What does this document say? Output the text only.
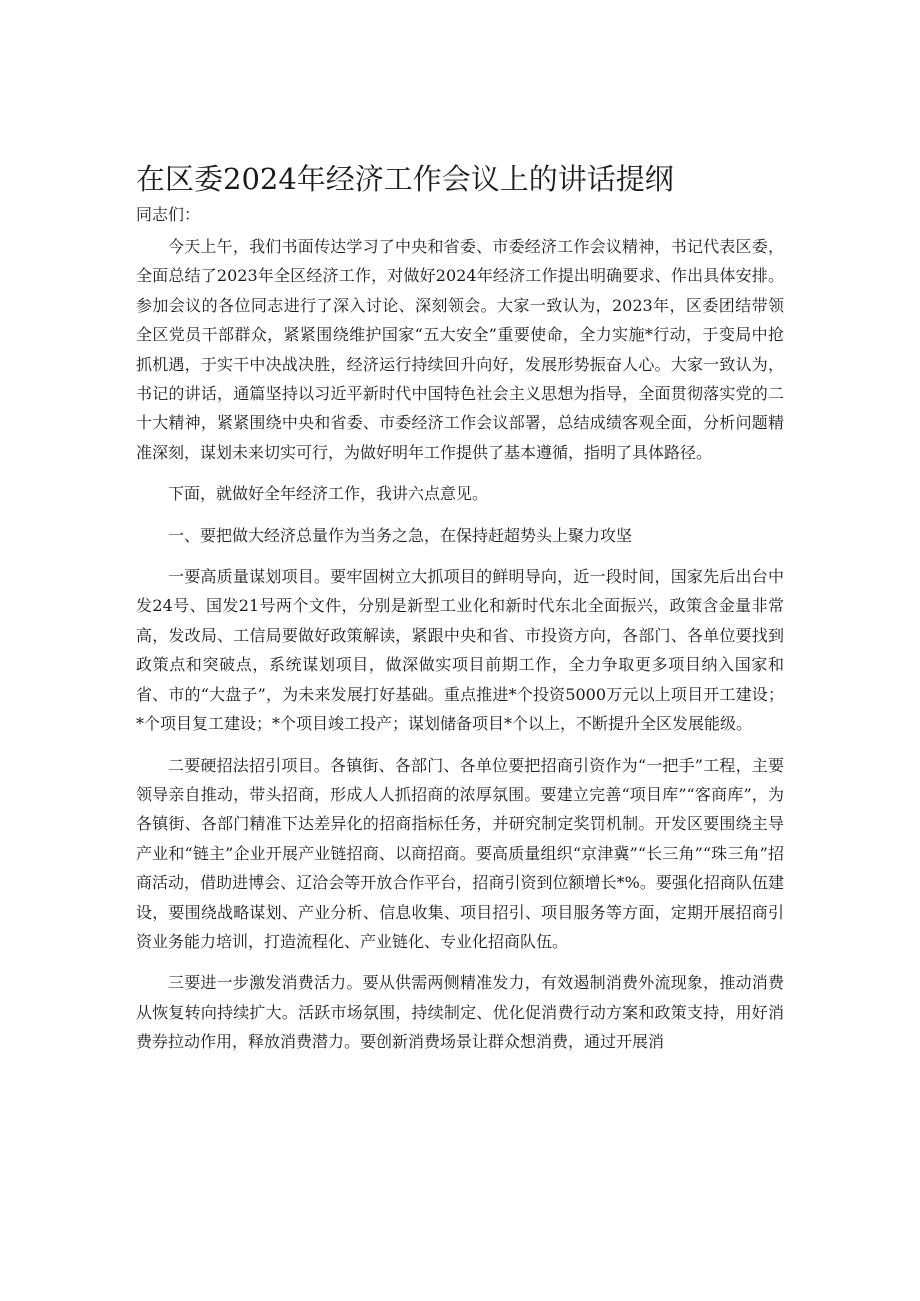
在区委2024年经济工作会议上的讲话提纲
同志们：

今天上午，我们书面传达学习了中央和省委、市委经济工作会议精神，书记代表区委，全面总结了2023年全区经济工作，对做好2024年经济工作提出明确要求、作出具体安排。参加会议的各位同志进行了深入讨论、深刻领会。大家一致认为，2023年，区委团结带领全区党员干部群众，紧紧围绕维护国家“五大安全”重要使命，全力实施*行动，于变局中抢抓机遇，于实干中决战决胜，经济运行持续回升向好，发展形势振奋人心。大家一致认为，书记的讲话，通篇坚持以习近平新时代中国特色社会主义思想为指导，全面贯彻落实党的二十大精神，紧紧围绕中央和省委、市委经济工作会议部署，总结成绩客观全面，分析问题精准深刻，谋划未来切实可行，为做好明年工作提供了基本遵循，指明了具体路径。

下面，就做好全年经济工作，我讲六点意见。

一、要把做大经济总量作为当务之急，在保持赶超势头上聚力攻坚

一要高质量谋划项目。要牢固树立大抓项目的鲜明导向，近一段时间，国家先后出台中发24号、国发21号两个文件，分别是新型工业化和新时代东北全面振兴，政策含金量非常高，发改局、工信局要做好政策解读，紧跟中央和省、市投资方向，各部门、各单位要找到政策点和突破点，系统谋划项目，做深做实项目前期工作，全力争取更多项目纳入国家和省、市的“大盘子”，为未来发展打好基础。重点推进*个投资5000万元以上项目开工建设；*个项目复工建设；*个项目竣工投产；谋划储备项目*个以上，不断提升全区发展能级。

二要硬招法招引项目。各镇街、各部门、各单位要把招商引资作为“一把手”工程，主要领导亲自推动，带头招商，形成人人抓招商的浓厚氛围。要建立完善“项目库”“客商库”，为各镇街、各部门精准下达差异化的招商指标任务，并研究制定奖罚机制。开发区要围绕主导产业和“链主”企业开展产业链招商、以商招商。要高质量组织“京津冀”“长三角”“珠三角”招商活动，借助进博会、辽洽会等开放合作平台，招商引资到位额增长*%。要强化招商队伍建设，要围绕战略谋划、产业分析、信息收集、项目招引、项目服务等方面，定期开展招商引资业务能力培训，打造流程化、产业链化、专业化招商队伍。

三要进一步激发消费活力。要从供需两侧精准发力，有效遏制消费外流现象，推动消费从恢复转向持续扩大。活跃市场氛围，持续制定、优化促消费行动方案和政策支持，用好消费券拉动作用，释放消费潜力。要创新消费场景让群众想消费，通过开展消
